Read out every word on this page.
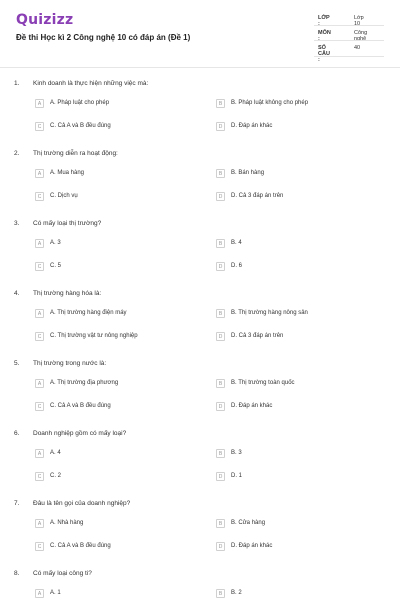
Quizizz
Đề thi Học kì 2 Công nghệ 10 có đáp án (Đề 1)
LỚP :
Lớp 10
MÔN :
Công nghệ
SỐ CÂU :
40
1. Kinh doanh là thực hiện những việc mà:
A	A. Pháp luật cho phép	B	B. Pháp luật không cho phép
C	C. Cả A và B đều đúng	D	D. Đáp án khác
2. Thị trường diễn ra hoạt động:
A	A. Mua hàng	B	B. Bán hàng
C	C. Dịch vụ	D	D. Cả 3 đáp án trên
3. Có mấy loại thị trường?
A	A. 3	B	B. 4
C	C. 5	D	D. 6
4. Thị trường hàng hóa là:
A	A. Thị trường hàng điện máy	B	B. Thị trường hàng nông sản
C	C. Thị trường vật tư nông nghiệp	D	D. Cả 3 đáp án trên
5. Thị trường trong nước là:
A	A. Thị trường địa phương	B	B. Thị trường toàn quốc
C	C. Cả A và B đều đúng	D	D. Đáp án khác
6. Doanh nghiệp gồm có mấy loại?
A	A. 4	B	B. 3
C	C. 2	D	D. 1
7. Đâu là tên gọi của doanh nghiệp?
A	A. Nhà hàng	B	B. Cửa hàng
C	C. Cả A và B đều đúng	D	D. Đáp án khác
8. Có mấy loại công ti?
A	A. 1	B	B. 2
